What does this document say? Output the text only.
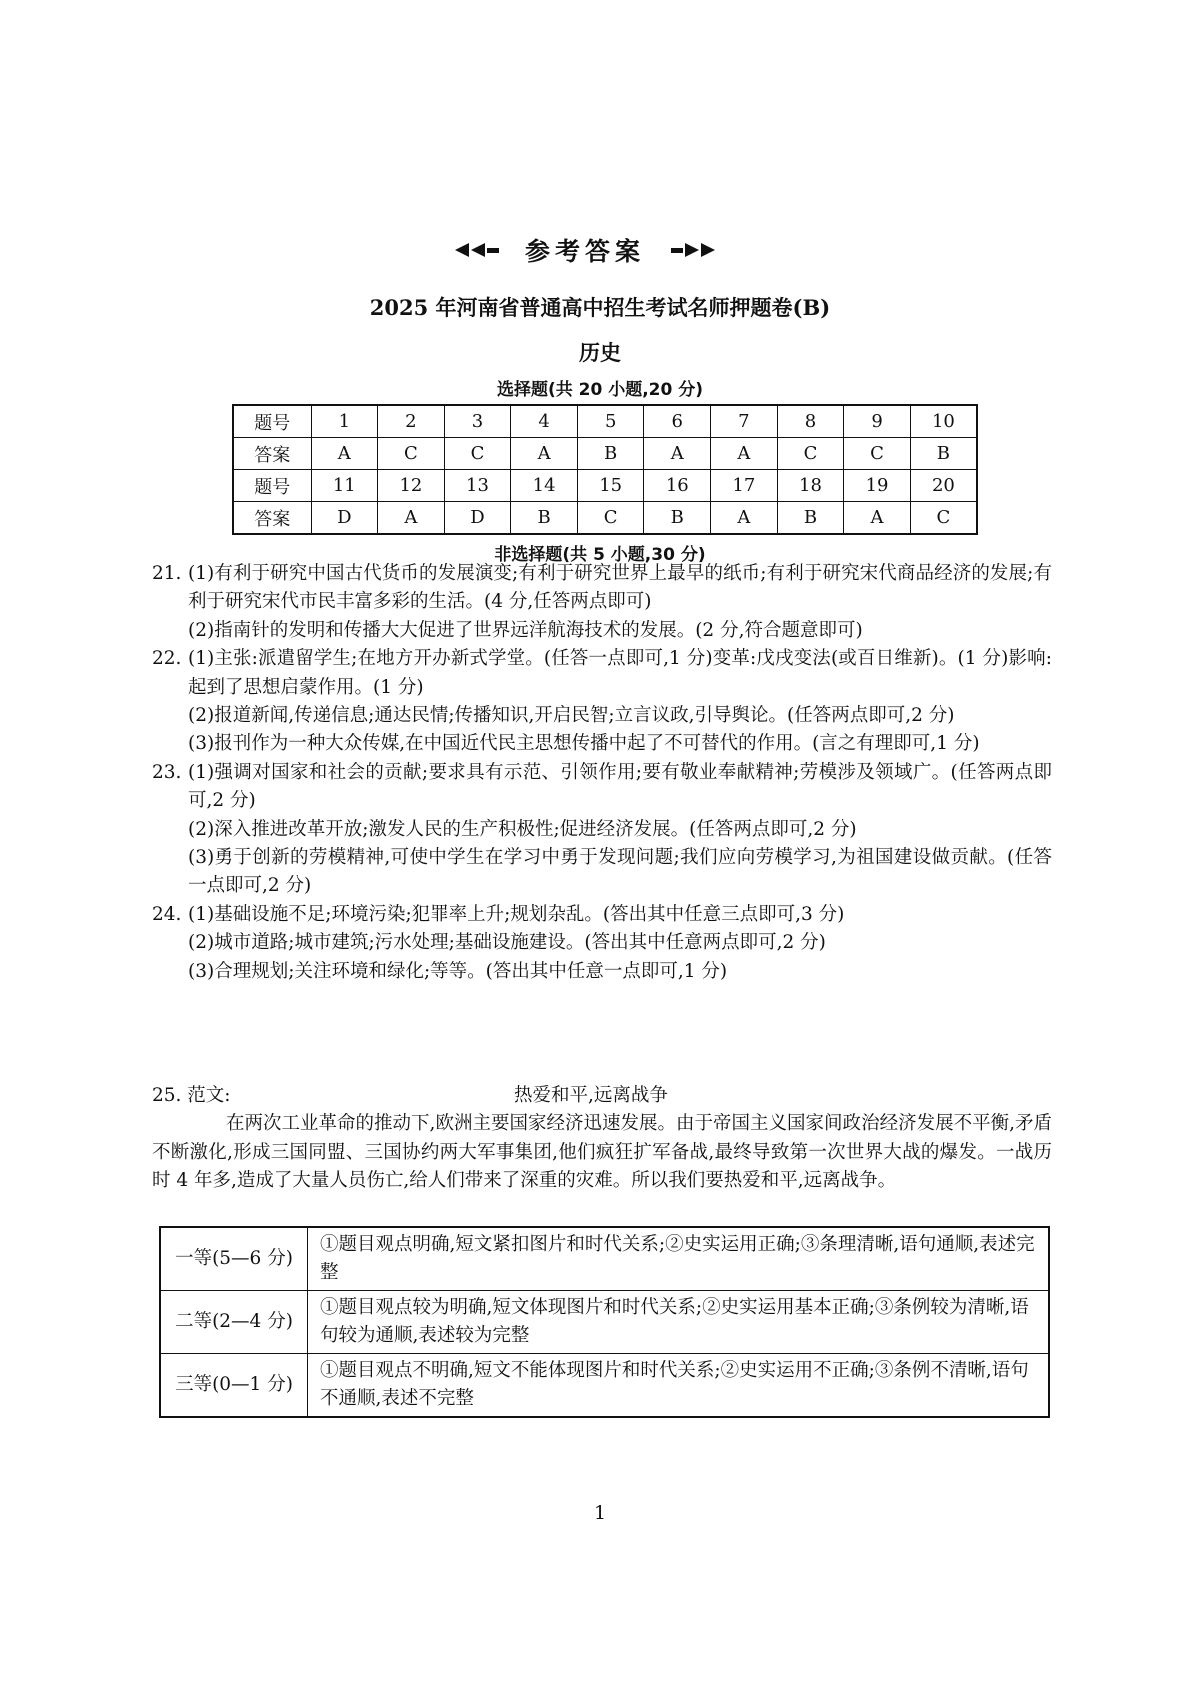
参考答案
2025 年河南省普通高中招生考试名师押题卷(B)
历史
选择题(共 20 小题,20 分)
题号	1	2	3	4	5	6	7	8	9	10
答案	A	C	C	A	B	A	A	C	C	B
题号	11	12	13	14	15	16	17	18	19	20
答案	D	A	D	B	C	B	A	B	A	C
非选择题(共 5 小题,30 分)
21. (1)有利于研究中国古代货币的发展演变;有利于研究世界上最早的纸币;有利于研究宋代商品经济的发展;有利于研究宋代市民丰富多彩的生活。(4 分,任答两点即可)

(2)指南针的发明和传播大大促进了世界远洋航海技术的发展。(2 分,符合题意即可)

22. (1)主张:派遣留学生;在地方开办新式学堂。(任答一点即可,1 分)变革:戊戌变法(或百日维新)。(1 分)影响:起到了思想启蒙作用。(1 分)

(2)报道新闻,传递信息;通达民情;传播知识,开启民智;立言议政,引导舆论。(任答两点即可,2 分)

(3)报刊作为一种大众传媒,在中国近代民主思想传播中起了不可替代的作用。(言之有理即可,1 分)

23. (1)强调对国家和社会的贡献;要求具有示范、引领作用;要有敬业奉献精神;劳模涉及领域广。(任答两点即可,2 分)

(2)深入推进改革开放;激发人民的生产积极性;促进经济发展。(任答两点即可,2 分)

(3)勇于创新的劳模精神,可使中学生在学习中勇于发现问题;我们应向劳模学习,为祖国建设做贡献。(任答一点即可,2 分)

24. (1)基础设施不足;环境污染;犯罪率上升;规划杂乱。(答出其中任意三点即可,3 分)

(2)城市道路;城市建筑;污水处理;基础设施建设。(答出其中任意两点即可,2 分)

(3)合理规划;关注环境和绿化;等等。(答出其中任意一点即可,1 分)

25. 范文:	热爱和平,远离战争

在两次工业革命的推动下,欧洲主要国家经济迅速发展。由于帝国主义国家间政治经济发展不平衡,矛盾不断激化,形成三国同盟、三国协约两大军事集团,他们疯狂扩军备战,最终导致第一次世界大战的爆发。一战历时 4 年多,造成了大量人员伤亡,给人们带来了深重的灾难。所以我们要热爱和平,远离战争。

一等(5—6 分)	①题目观点明确,短文紧扣图片和时代关系;②史实运用正确;③条理清晰,语句通顺,表述完整
二等(2—4 分)	①题目观点较为明确,短文体现图片和时代关系;②史实运用基本正确;③条例较为清晰,语句较为通顺,表述较为完整
三等(0—1 分)	①题目观点不明确,短文不能体现图片和时代关系;②史实运用不正确;③条例不清晰,语句不通顺,表述不完整
1
